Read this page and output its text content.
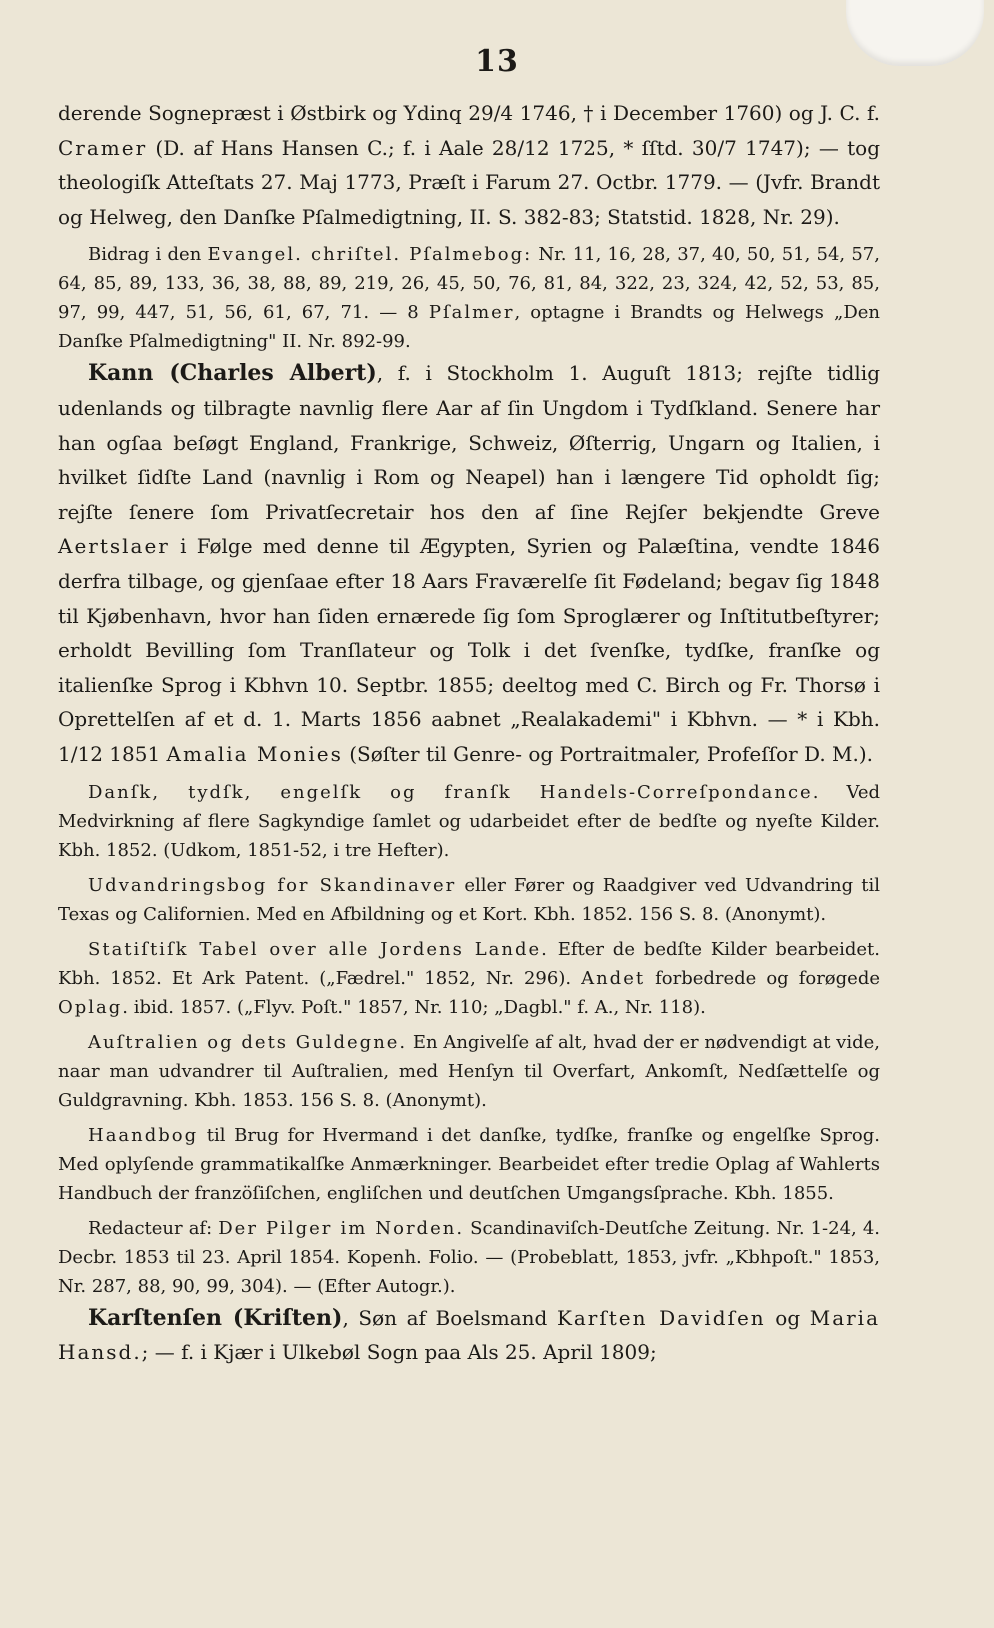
13

derende Sognepræst i Østbirk og Ydinq 29/4 1746, † i December 1760) og J. C. f. Cramer (D. af Hans Hansen C.; f. i Aale 28/12 1725, * ſſtd. 30/7 1747); — tog theologiſk Atteſtats 27. Maj 1773, Præſt i Farum 27. Octbr. 1779. — (Jvfr. Brandt og Helweg, den Danſke Pſalmedigtning, II. S. 382-83; Statstid. 1828, Nr. 29).

Bidrag i den Evangel. chriſtel. Pſalmebog: Nr. 11, 16, 28, 37, 40, 50, 51, 54, 57, 64, 85, 89, 133, 36, 38, 88, 89, 219, 26, 45, 50, 76, 81, 84, 322, 23, 324, 42, 52, 53, 85, 97, 99, 447, 51, 56, 61, 67, 71. — 8 Pſalmer, optagne i Brandts og Helwegs „Den Danſke Pſalmedigtning" II. Nr. 892-99.

Kann (Charles Albert), f. i Stockholm 1. Auguſt 1813; rejſte tidlig udenlands og tilbragte navnlig flere Aar af ſin Ungdom i Tydſkland. Senere har han ogſaa beſøgt England, Frankrige, Schweiz, Øſterrig, Ungarn og Italien, i hvilket ſidſte Land (navnlig i Rom og Neapel) han i længere Tid opholdt ſig; rejſte ſenere ſom Privatſecretair hos den af ſine Rejſer bekjendte Greve Aertslaer i Følge med denne til Ægypten, Syrien og Palæſtina, vendte 1846 derfra tilbage, og gjenſaae efter 18 Aars Fraværelſe ſit Fødeland; begav ſig 1848 til Kjøbenhavn, hvor han ſiden ernærede ſig ſom Sproglærer og Inſtitutbeſtyrer; erholdt Bevilling ſom Tranſlateur og Tolk i det ſvenſke, tydſke, franſke og italienſke Sprog i Kbhvn 10. Septbr. 1855; deeltog med C. Birch og Fr. Thorsø i Oprettelſen af et d. 1. Marts 1856 aabnet „Realakademi" i Kbhvn. — * i Kbh. 1/12 1851 Amalia Monies (Søſter til Genre- og Portraitmaler, Profeſſor D. M.).

Danſk, tydſk, engelſk og franſk Handels-Correſpondance. Ved Medvirkning af flere Sagkyndige ſamlet og udarbeidet efter de bedſte og nyeſte Kilder. Kbh. 1852. (Udkom, 1851-52, i tre Hefter).

Udvandringsbog for Skandinaver eller Fører og Raadgiver ved Udvandring til Texas og Californien. Med en Afbildning og et Kort. Kbh. 1852. 156 S. 8. (Anonymt).

Statiſtiſk Tabel over alle Jordens Lande. Efter de bedſte Kilder bearbeidet. Kbh. 1852. Et Ark Patent. („Fædrel." 1852, Nr. 296). Andet forbedrede og forøgede Oplag. ibid. 1857. („Flyv. Poſt." 1857, Nr. 110; „Dagbl." f. A., Nr. 118).

Auſtralien og dets Guldegne. En Angivelſe af alt, hvad der er nødvendigt at vide, naar man udvandrer til Auſtralien, med Henſyn til Overfart, Ankomſt, Nedſættelſe og Guldgravning. Kbh. 1853. 156 S. 8. (Anonymt).

Haandbog til Brug for Hvermand i det danſke, tydſke, franſke og engelſke Sprog. Med oplyſende grammatikalſke Anmærkninger. Bearbeidet efter tredie Oplag af Wahlerts Handbuch der franzöſiſchen, engliſchen und deutſchen Umgangsſprache. Kbh. 1855.

Redacteur af: Der Pilger im Norden. Scandinaviſch-Deutſche Zeitung. Nr. 1-24, 4. Decbr. 1853 til 23. April 1854. Kopenh. Folio. — (Probeblatt, 1853, jvfr. „Kbhpoſt." 1853, Nr. 287, 88, 90, 99, 304). — (Efter Autogr.).

Karſtenſen (Kriſten), Søn af Boelsmand Karſten Davidſen og Maria Hansd.; — f. i Kjær i Ulkebøl Sogn paa Als 25. April 1809;
